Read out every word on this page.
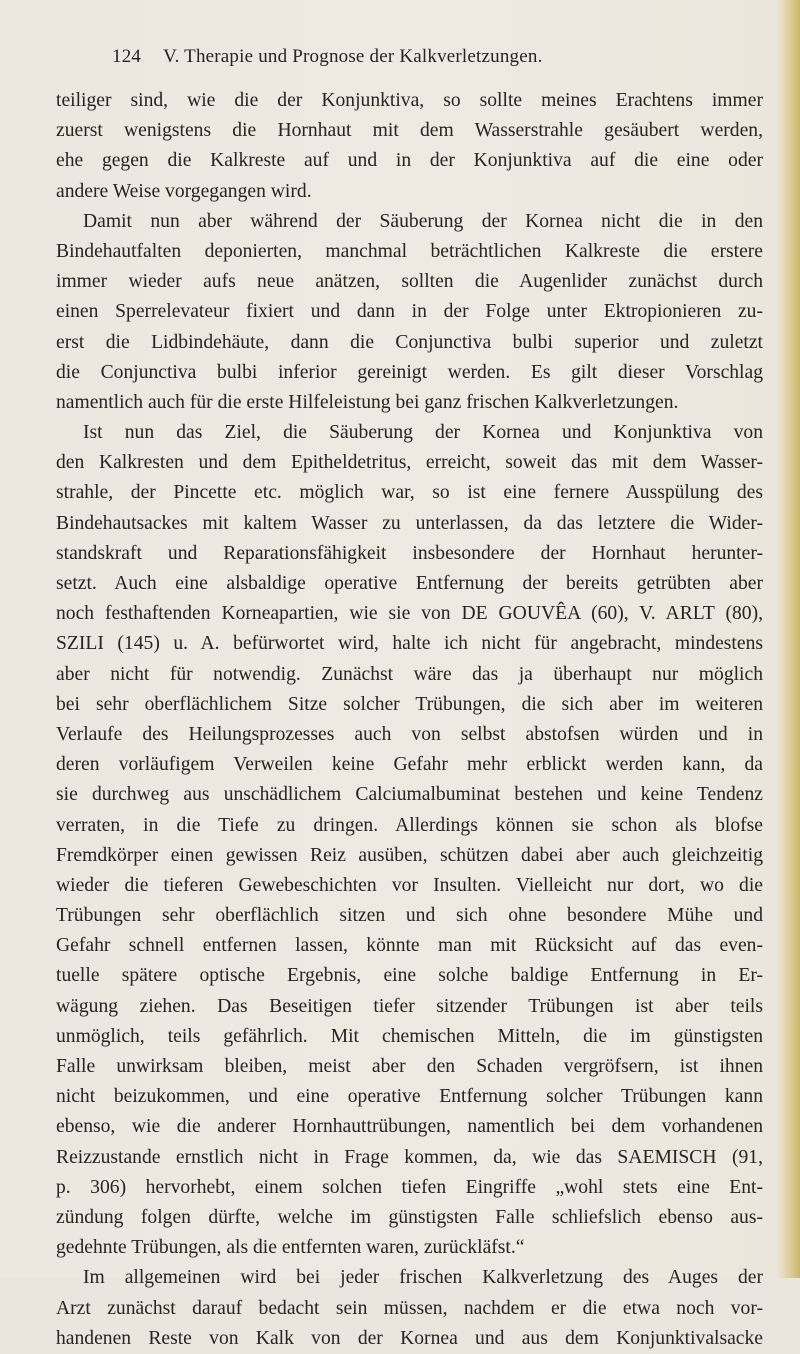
124 V. Therapie und Prognose der Kalkverletzungen.
teiliger sind, wie die der Konjunktiva, so sollte meines Erachtens immer
zuerst wenigstens die Hornhaut mit dem Wasserstrahle gesäubert werden,
ehe gegen die Kalkreste auf und in der Konjunktiva auf die eine oder
andere Weise vorgegangen wird.
Damit nun aber während der Säuberung der Kornea nicht die in den
Bindehautfalten deponierten, manchmal beträchtlichen Kalkreste die erstere
immer wieder aufs neue anätzen, sollten die Augenlider zunächst durch
einen Sperrelevateur fixiert und dann in der Folge unter Ektropionieren zu-
erst die Lidbindehäute, dann die Conjunctiva bulbi superior und zuletzt
die Conjunctiva bulbi inferior gereinigt werden. Es gilt dieser Vorschlag
namentlich auch für die erste Hilfeleistung bei ganz frischen Kalkverletzungen.
Ist nun das Ziel, die Säuberung der Kornea und Konjunktiva von
den Kalkresten und dem Epitheldetritus, erreicht, soweit das mit dem Wasser-
strahle, der Pincette etc. möglich war, so ist eine fernere Ausspülung des
Bindehautsackes mit kaltem Wasser zu unterlassen, da das letztere die Wider-
standskraft und Reparationsfähigkeit insbesondere der Hornhaut herunter-
setzt. Auch eine alsbaldige operative Entfernung der bereits getrübten aber
noch festhaftenden Korneapartien, wie sie von DE GOUVÊA (60), V. ARLT (80),
SZILI (145) u. A. befürwortet wird, halte ich nicht für angebracht, mindestens
aber nicht für notwendig. Zunächst wäre das ja überhaupt nur möglich
bei sehr oberflächlichem Sitze solcher Trübungen, die sich aber im weiteren
Verlaufe des Heilungsprozesses auch von selbst abstofsen würden und in
deren vorläufigem Verweilen keine Gefahr mehr erblickt werden kann, da
sie durchweg aus unschädlichem Calciumalbuminat bestehen und keine Tendenz
verraten, in die Tiefe zu dringen. Allerdings können sie schon als blofse
Fremdkörper einen gewissen Reiz ausüben, schützen dabei aber auch gleichzeitig
wieder die tieferen Gewebeschichten vor Insulten. Vielleicht nur dort, wo die
Trübungen sehr oberflächlich sitzen und sich ohne besondere Mühe und
Gefahr schnell entfernen lassen, könnte man mit Rücksicht auf das even-
tuelle spätere optische Ergebnis, eine solche baldige Entfernung in Er-
wägung ziehen. Das Beseitigen tiefer sitzender Trübungen ist aber teils
unmöglich, teils gefährlich. Mit chemischen Mitteln, die im günstigsten
Falle unwirksam bleiben, meist aber den Schaden vergröfsern, ist ihnen
nicht beizukommen, und eine operative Entfernung solcher Trübungen kann
ebenso, wie die anderer Hornhauttrübungen, namentlich bei dem vorhandenen
Reizzustande ernstlich nicht in Frage kommen, da, wie das SAEMISCH (91,
p. 306) hervorhebt, einem solchen tiefen Eingriffe „wohl stets eine Ent-
zündung folgen dürfte, welche im günstigsten Falle schliefslich ebenso aus-
gedehnte Trübungen, als die entfernten waren, zurückläfst.“
Im allgemeinen wird bei jeder frischen Kalkverletzung des Auges der
Arzt zunächst darauf bedacht sein müssen, nachdem er die etwa noch vor-
handenen Reste von Kalk von der Kornea und aus dem Konjunktivalsacke
